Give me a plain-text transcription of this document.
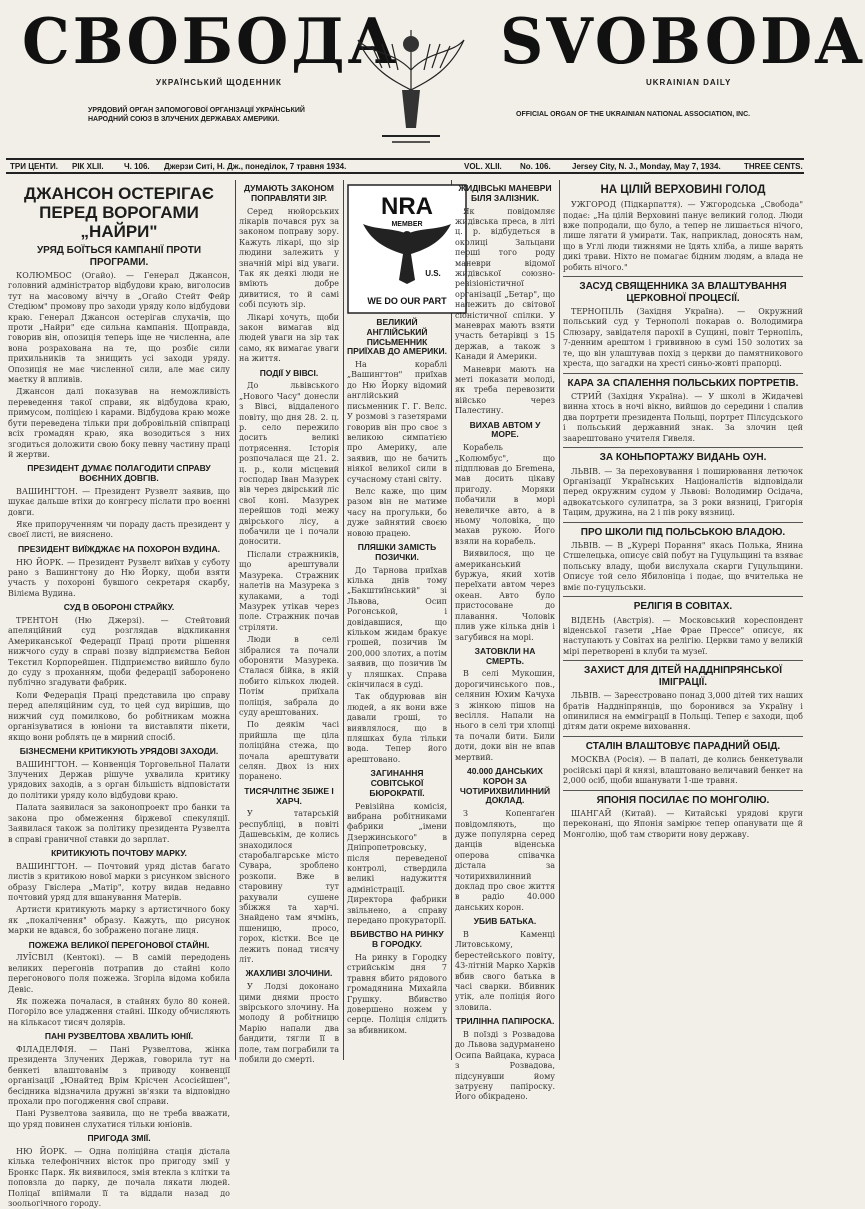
СВОБОДА SVOBODA
УКРАЇНСЬКИЙ ЩОДЕННИК	UKRAINIAN DAILY
УРЯДОВИЙ ОРГАН ЗАПОМОГОВОЇ ОРГАНІЗАЦІЇ УКРАЇНСЬКИЙ НАРОДНИЙ СОЮЗ В ЗЛУЧЕНИХ ДЕРЖАВАХ АМЕРИКИ.
OFFICIAL ORGAN OF THE UKRAINIAN NATIONAL ASSOCIATION, INC.
ТРИ ЦЕНТИ. РІК XLII.	Ч. 106. Джерзи Ситі, Н. Дж., понеділок, 7 травня 1934.	VOL. XLII. No. 106.	Jersey City, N. J., Monday, May 7, 1934.	THREE CENTS.
ДЖАНСОН ОСТЕРІГАЄ ПЕРЕД ВОРОГАМИ „НАЙРИ"
УРЯД БОЇТЬСЯ КАМПАНІЇ ПРОТИ ПРОГРАМИ.
КОЛЮМБОС (Огайо). — Генерал Джансон, головний адміністратор відбудови краю, виголосив тут на масовому віччу в „Огайо Стейт Фейр Стедіюм" промову про заходи уряду коло відбудови краю. Генерал Джансон остерігав слухачів, що проти „Найри" єде сильна кампанія. Щоправда, говорив він, опозиція теперь іще не численна, але вона розрахована на те, що розбіє сили прихильників та знищить усі заходи уряду. Опозиція не має численної сили, але має силу маєтку й впливів.
Джансон далі показував на неможливість переведення такої справи, як відбудова краю, примусом, поліцією і карами. Відбудова краю може бути переведена тільки при добровільній співпраці всіх громадян краю, яка возодиться з них згодиться доложити свою боку певну частину праці й жертви.
ПРЕЗИДЕНТ ДУМАЄ ПОЛАГОДИТИ СПРАВУ ВОЄННИХ ДОВГІВ.
ВАШИНГТОН. — Президент Рузвелт заявив, що шукає дальше втіхи до конгресу післати про воєнні довги.
Яке припорученням чи пораду дасть президент у своєї листі, не вияснено.
ПРЕЗИДЕНТ ВИЇЖДЖАЄ НА ПОХОРОН ВУДИНА.
НЮ ЙОРК. — Президент Рузвелт виїхав у суботу рано з Вашингтону до Ню Йорку, щоби взяти участь у похоронi бувшого секретаря скарбу, Вілієма Вудина.
СУД В ОБОРОНІ СТРАЙКУ.
ТРЕНТОН (Ню Джерзі). — Стейтовий апеляційний суд розглядав відкликання Американської Федерації Праці проти рішення нижчого суду в справі позву відприємства Бейон Текстил Корпорейшен. Підприємство вийшло було до суду з проханням, щоби федерації заборонено публічно згадувати фабрик.
Коли Федерація Праці представила цю справу перед апеляційним суд, то цей суд вирішив, що нижчий суд помилково, бо робітникам можна організуватися в юніони та виставляти пікети, якщо вони роблять це в мирний спосіб.
БІЗНЕСМЕНИ КРИТИКУЮТЬ УРЯДОВІ ЗАХОДИ.
ВАШИНГТОН. — Конвенція Торговельної Палати Злучених Держав рішуче ухвалила критику урядових заходів, а з орган більшість відповістати до політики уряду коло відбудови краю.
Палата заявилася за законопроект про банки та закона про обмеження біржевої спекуляції. Заявилася також за політику президента Рузвелта в справі граничної ставки до зарплат.
КРИТИКУЮТЬ ПОЧТОВУ МАРКУ.
ВАШИНГТОН. — Почтовий уряд дістав багато листів з критикою нової марки з рисунком звісного образу Гвіслера „Матір", котру видав недавно почтовий уряд для вшанування Матерів.
Артисти критикують марку з артистичного боку як „покалічення" образу. Кажуть, що рисунок марки не вдався, бо зображено погане лиця.
ПОЖЕЖА ВЕЛИКОЇ ПЕРЕГОНОВОЇ СТАЙНІ.
ЛУЇСВІЛ (Кентокі). — В самій передодень великих перегонів потрапив до стайні коло перегонового поля пожежа. Згоріла відомa кобила Девіс.
Як пожежа почалася, в стайнях було 80 коней. Погоріло все уладження стайні. Шкоду обчисляють на кількасот тисяч долярів.
ПАНІ РУЗВЕЛТОВА ХВАЛИТЬ ЮНІЇ.
ФІЛАДЕЛФІЯ. — Пані Рузвелтова, жінка президента Злучених Держав, говорила тут на бенкеті влаштованім з приводу конвенції організації „Юнайтед Врім Крісчен Асосієйшен", бесідника відзначила дружні зв'язки та відповідно прохали про погодження свої справи.
Пані Рузвелтова заявила, що не треба вважати, що уряд повинен слухатися тільки юніонів.
ПРИГОДА ЗМІЇ.
НЮ ЙОРК. — Одна поліційна стація дістала кілька телефонічних вісток про пригоду змії у Бронкс Парк. Як виявилося, змія втекла з клітки та поповзла до парку, де почала лякати людей. Поліцаї впіймали її та віддали назад до зоольогічного городу.
ДУМАЮТЬ ЗАКОНОМ ПОПРАВЛЯТИ ЗІР.
Серед нюйорських лікарів почався рух за законом поправу зору. Кажуть лікарі, що зір людини залежить у значній мірі від уваги. Так як деякі люди не вміють добре дивитися, то й самі собі псують зір.
Лікарі хочуть, щоби закон вимагав від людей уваги на зір так само, як вимагає уваги на життя.
ПОДІЇ У ВІВСІ.
До львівського „Нового Часу" донесли з Вівсі, віддаленого повіту, що дня 28. 2. ц. р. село пережило досить великі потрясення. Історія розпочалася ще 21. 2. ц. р., коли місцевий господар Іван Мазурек вів через двірський ліс свої коні. Мазурек перейшов тоді межу двірського лісу, а побачили це і почали доносити.
Післали стражників, що арештували Мазурека. Стражник налетів на Мазурека з кулаками, а тоді Мазурек утікав через поле. Стражник почав стріляти.
Люди в селі зібралися та почали обороняти Мазурека. Сталася бійка, в якій побито кількох людей. Потім приїхала поліція, забрала до суду арештованих.
По деякім часі прийшла ще ціла поліційна стежа, що почала арештувати селян. Двох із них поранено.
ТИСЯЧЛІТНЄ ЗБІЖЕ І ХАРЧ.
У татарській республіці, в повіті Дашевськім, де колись знаходилося старобалгарське місто Сувара, зроблено розкопи. Вже в старовину тут рахували сушене збіжжя та харчі. Знайдено там ячмінь, пшеницю, просо, горох, кістки. Все це лежить понад тисячу літ.
ЖАХЛИВІ ЗЛОЧИНИ.
У Лодзі доконано цими днями просто звірського злочину. На молоду й робітницю Марію напали два бандити, тягли її в поле, там пограбили та побили до смерті.
NRA
MEMBER
U.S.
WE DO OUR PART
ВЕЛИКИЙ АНГЛІЙСЬКИЙ ПИСЬМЕННИК ПРИЇХАВ ДО АМЕРИКИ.
На кораблі „Вашингтон" приїхав до Ню Йорку відомий англійський письменник Г. Г. Велс. У розмові з газетярами говорив він про своє з великою симпатією про Америку, але заявив, що не бачить ніякої великої сили в сучасному стані світу.
Велс каже, що цим разом він не матиме часу на прогульки, бо дуже зайнятий своєю новою працею.
ПЛЯШКИ ЗАМІСТЬ ПОЗИЧКИ.
До Тарнова приїхав кілька днів тому „Бакштиїнський" зі Львова, Осип Рогонськой, і довідавшися, що кільком жидам бракує грошей, позичив їм 200,000 злотих, а потім заявив, що позичив їм у пляшках. Справа скінчилася в суді.
Так обдурював він людей, а як вони вже давали гроші, то виявлялося, що в пляшках була тільки вода. Тепер його арештовано.
ЗАГИНАННЯ СОВІТСЬКОЇ БЮРОКРАТІЇ.
Ревізійна комісія, вибрана робітниками фабрики „імени Дзержинського" в Дніпропетровську, після переведеної контролі, ствердила великі надужиття адміністрації. Директора фабрики звільнено, а справу передано прокураторії.
ВБИВСТВО НА РИНКУ В ГОРОДКУ.
На ринку в Городку стрийськім дня 7 травня вбито рядового громадянина Михайла Грушку. Вбивство довершено ножем у серце. Поліція слідить за вбивником.
ЖИДІВСЬКІ МАНЕВРИ БІЛЯ ЗАЛІЗНИК.
Як повідомляє жидівська преса, в літі ц. р. відбудеться в околиці Зальцани перші того роду маневри відомої жидівської союзно-ревізіоністичної організації „Бетар", що належить до світової сіоністичної спілки. У маневрах мають взяти участь бетарівці з 15 держав, а також з Канади й Америки.
Маневри мають на меті показати молоді, як треба перевозити військо через Палестину.
ВИХАВ АВТОМ У МОРЕ.
Корабель „Колюмбус", що підплював до Бremена, мав досить цікаву пригоду. Моряки побачили в морі невеличке авто, а в ньому чоловіка, що махав рукою. Його взяли на корабель.
Виявилося, що це американський буржуа, який хотів переїхати автом через океан. Авто було пристосоване до плавання. Чоловік плив уже кілька днів і загубився на морі.
ЗАТОВКЛИ НА СМЕРТЬ.
В селі Мукошин, дорогичинського пов., селянин Юхим Качуха з жінкою пішов на весілля. Напали на нього в селі три хлопці та почали бити. Били доти, доки він не впав мертвий.
40.000 ДАНСЬКИХ КОРОН ЗА ЧОТИРИХВИЛИННИЙ ДОКЛАД.
З Копенгаґен повідомляють, що дуже популярна серед данців віденська оперова співачка дістала за чотирихвилинний доклад про своє життя в радіо 40.000 данських корон.
УБИВ БАТЬКА.
В Каменці Литовському, берестейського повіту, 43-літній Марко Харків вбив свого батька в часі сварки. Вбивник утік, але поліція його зловила.
ТРИЛІННА ПАПІРОСКА.
В поїзді з Розвадова до Львова задурманено Осипа Вайцака, кураса з Розвадова, підсунувши йому затруєну папіроску. Його обікрадено.
НА ЦІЛІЙ ВЕРХОВИНІ ГОЛОД
УЖГОРОД (Підкарпаття). — Ужгородська „Свобода" подає: „На цілій Верховині панує великий голод. Люди вже попродали, що було, а тепер не лишається нічого, лише лягати й умирати. Так, наприклад, доносять нам, що в Углі люди тижнями не їдять хліба, а лише варять дикі трави. Ніхто не помагає бідним людям, а влада не робить нічого."
ЗАСУД СВЯЩЕННИКА ЗА ВЛАШТУВАННЯ ЦЕРКОВНОЇ ПРОЦЕСІЇ.
ТЕРНОПІЛЬ (Західня Україна). — Окружний польський суд у Тернополі покарав о. Володимира Слюзару, завідателя парохії в Сущині, повіт Тернопіль, 7-денним арештом і грививною в сумі 150 золотих за те, що він улаштував похід з церкви до памятникового хреста, що загадки на хресті синьо-жовті прапорці.
КАРА ЗА СПАЛЕННЯ ПОЛЬСЬКИХ ПОРТРЕТІВ.
СТРИЙ (Західня Україна). — У школі в Жидачеві винна хтось в ночі вікно, вийшов до середини і спалив два портрети президента Польщі, портрет Пілсудського і польський державний знак. За злочин цей заарештовано учителя Гивеля.
ЗА КОНЬПОРТАЖУ ВИДАНЬ ОУН.
ЛЬВІВ. — За переховування і поширювання летючок Організації Українських Націоналістів відповідали перед окружним судом у Львові: Володимир Осідача, адвокатського сулипатра, за 3 роки вязниці, Григорія Тацим, дружина, на 2 і пів року вязниці.
ПРО ШКОЛИ ПІД ПОЛЬСЬКОЮ ВЛАДОЮ.
ЛЬВІВ. — В „Курері Порання" якась Полька, Янина Стшелецька, описує свій побут на Гуцульщині та взяває польську владу, щоби вислухала скарги Гуцульщини. Описує той село Ябилоніца і подає, що вчителька не вміє по-гуцульськи.
РЕЛІГІЯ В СОВІТАХ.
ВІДЕНЬ (Австрія). — Московський кореспондент віденської газети „Нае Фрае Прессе" описує, як наступають у Совітах на релігію. Церкви тамо у великій мірі перетворені в клуби та музеї.
ЗАХИСТ ДЛЯ ДІТЕЙ НАДДНІПРЯНСЬКОЇ ІМІГРАЦІЇ.
ЛЬВІВ. — Зареєстровано понад 3,000 дітей тих наших братів Наддніпрянців, що боронився за Україну і опинилися на емміграції в Польщі. Тепер є заходи, щоб дітям дати окреме виховання.
СТАЛІН ВЛАШТОВУЄ ПАРАДНИЙ ОБІД.
МОСКВА (Росія). — В палаті, де колись бенкетували російські царі й князі, влаштовано величавий бенкет на 2,000 осіб, щоби вшанувати 1-ше травня.
ЯПОНІЯ ПОСИЛАЄ ПО МОНГОЛІЮ.
ШАНГАЙ (Китай). — Китайські урядові круги переконані, що Японія замірює тепер опанувати ще й Монголію, щоб там створити нову державу.
